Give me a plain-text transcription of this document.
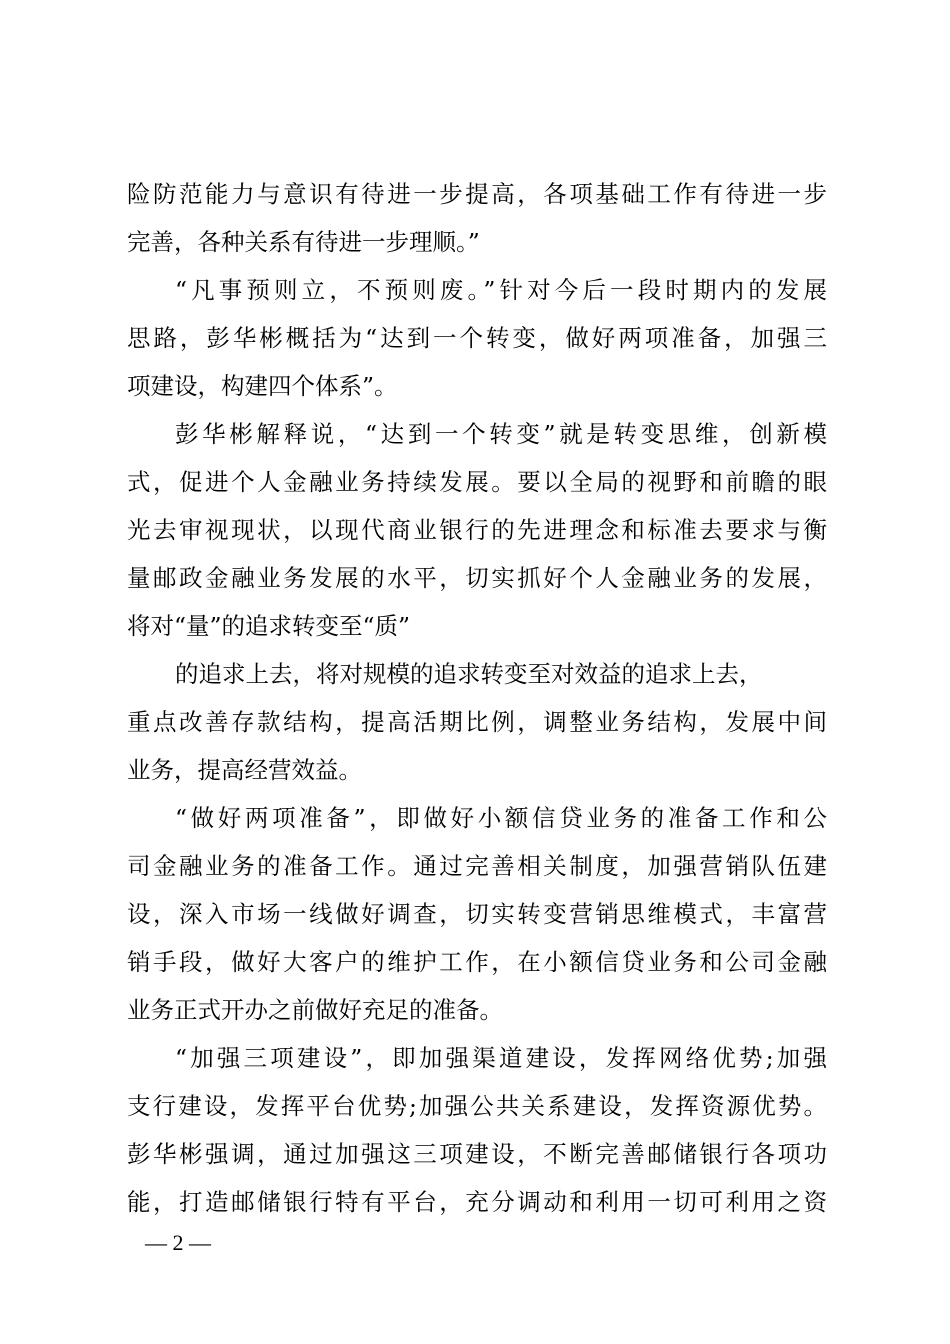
险防范能力与意识有待进一步提高，各项基础工作有待进一步
完善，各种关系有待进一步理顺。”
“凡事预则立，不预则废。”针对今后一段时期内的发展
思路，彭华彬概括为“达到一个转变，做好两项准备，加强三
项建设，构建四个体系”。
彭华彬解释说，“达到一个转变”就是转变思维，创新模
式，促进个人金融业务持续发展。要以全局的视野和前瞻的眼
光去审视现状，以现代商业银行的先进理念和标准去要求与衡
量邮政金融业务发展的水平，切实抓好个人金融业务的发展，
将对“量”的追求转变至“质”
的追求上去，将对规模的追求转变至对效益的追求上去，
重点改善存款结构，提高活期比例，调整业务结构，发展中间
业务，提高经营效益。
“做好两项准备”，即做好小额信贷业务的准备工作和公
司金融业务的准备工作。通过完善相关制度，加强营销队伍建
设，深入市场一线做好调查，切实转变营销思维模式，丰富营
销手段，做好大客户的维护工作，在小额信贷业务和公司金融
业务正式开办之前做好充足的准备。
“加强三项建设”，即加强渠道建设，发挥网络优势;加强
支行建设，发挥平台优势;加强公共关系建设，发挥资源优势。
彭华彬强调，通过加强这三项建设，不断完善邮储银行各项功
能，打造邮储银行特有平台，充分调动和利用一切可利用之资
— 2 —
